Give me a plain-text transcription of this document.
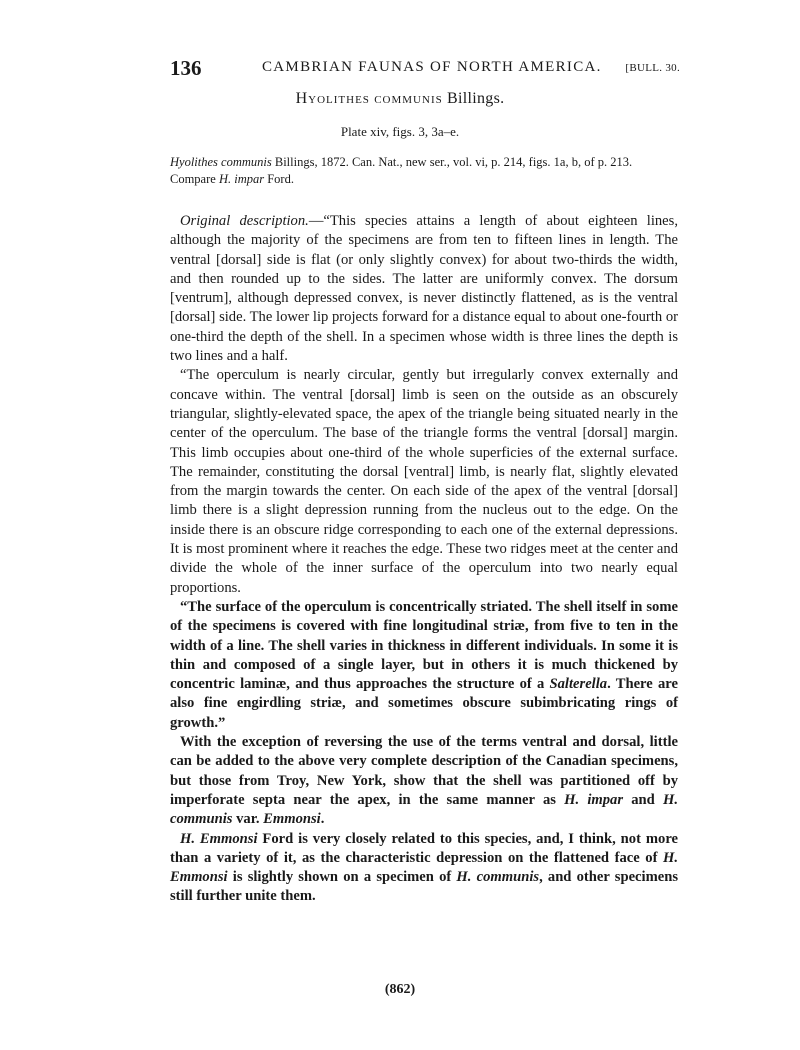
136	CAMBRIAN FAUNAS OF NORTH AMERICA. [BULL. 30.
Hyolithes communis Billings.
Plate xiv, figs. 3, 3a–e.

Hyolithes communis Billings, 1872. Can. Nat., new ser., vol. vi, p. 214, figs. 1a, b, of p. 213.

Compare H. impar Ford.

Original description.—“This species attains a length of about eighteen lines, although the majority of the specimens are from ten to fifteen lines in length. The ventral [dorsal] side is flat (or only slightly convex) for about two-thirds the width, and then rounded up to the sides. The latter are uniformly convex. The dorsum [ventrum], although depressed convex, is never distinctly flattened, as is the ventral [dorsal] side. The lower lip projects forward for a distance equal to about one-fourth or one-third the depth of the shell. In a specimen whose width is three lines the depth is two lines and a half.

“The operculum is nearly circular, gently but irregularly convex externally and concave within. The ventral [dorsal] limb is seen on the outside as an obscurely triangular, slightly-elevated space, the apex of the triangle being situated nearly in the center of the operculum. The base of the triangle forms the ventral [dorsal] margin. This limb occupies about one-third of the whole superficies of the external surface. The remainder, constituting the dorsal [ventral] limb, is nearly flat, slightly elevated from the margin towards the center. On each side of the apex of the ventral [dorsal] limb there is a slight depression running from the nucleus out to the edge. On the inside there is an obscure ridge corresponding to each one of the external depressions. It is most prominent where it reaches the edge. These two ridges meet at the center and divide the whole of the inner surface of the operculum into two nearly equal proportions.

“The surface of the operculum is concentrically striated. The shell itself in some of the specimens is covered with fine longitudinal striæ, from five to ten in the width of a line. The shell varies in thickness in different individuals. In some it is thin and composed of a single layer, but in others it is much thickened by concentric laminæ, and thus approaches the structure of a Salterella. There are also fine engirdling striæ, and sometimes obscure subimbricating rings of growth.”

With the exception of reversing the use of the terms ventral and dorsal, little can be added to the above very complete description of the Canadian specimens, but those from Troy, New York, show that the shell was partitioned off by imperforate septa near the apex, in the same manner as H. impar and H. communis var. Emmonsi.

H. Emmonsi Ford is very closely related to this species, and, I think, not more than a variety of it, as the characteristic depression on the flattened face of H. Emmonsi is slightly shown on a specimen of H. communis, and other specimens still further unite them.

(862)
